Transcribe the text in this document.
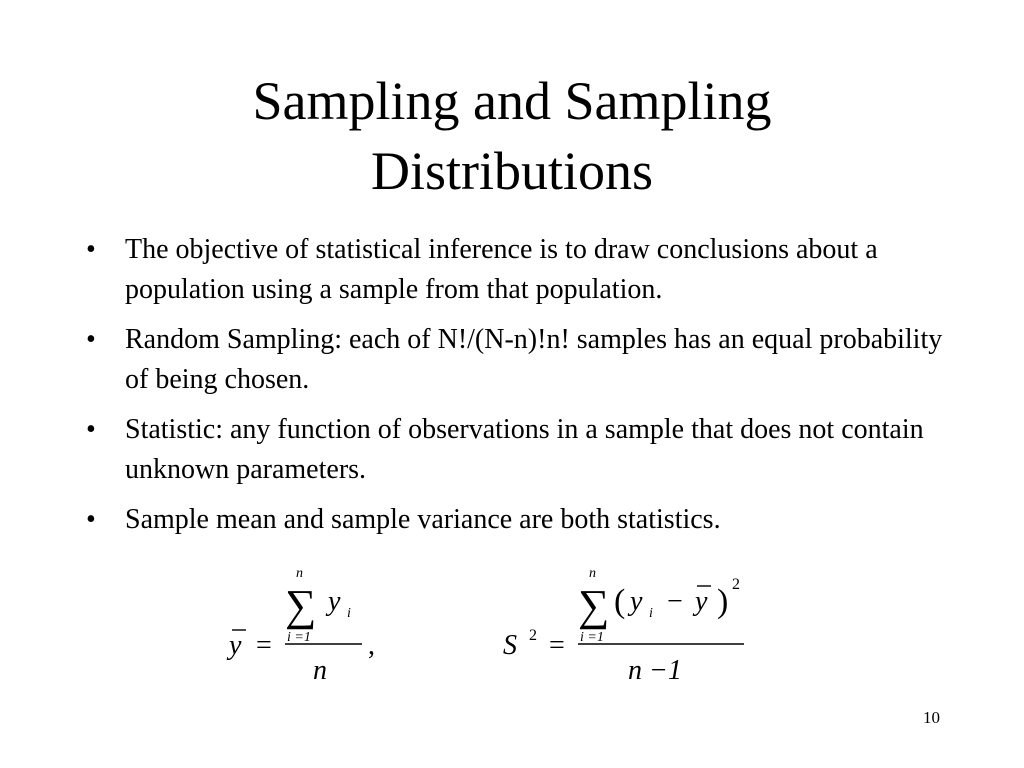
Sampling and Sampling
Distributions
• The objective of statistical inference is to draw conclusions about a population using a sample from that population.
• Random Sampling: each of N!/(N-n)!n! samples has an equal probability of being chosen.
• Statistic: any function of observations in a sample that does not contain unknown parameters.
• Sample mean and sample variance are both statistics.
y =
n
∑ y i
i =1
n
,	S 2 =
n
∑ ( y i − y ) 2
i =1
n −1
10
